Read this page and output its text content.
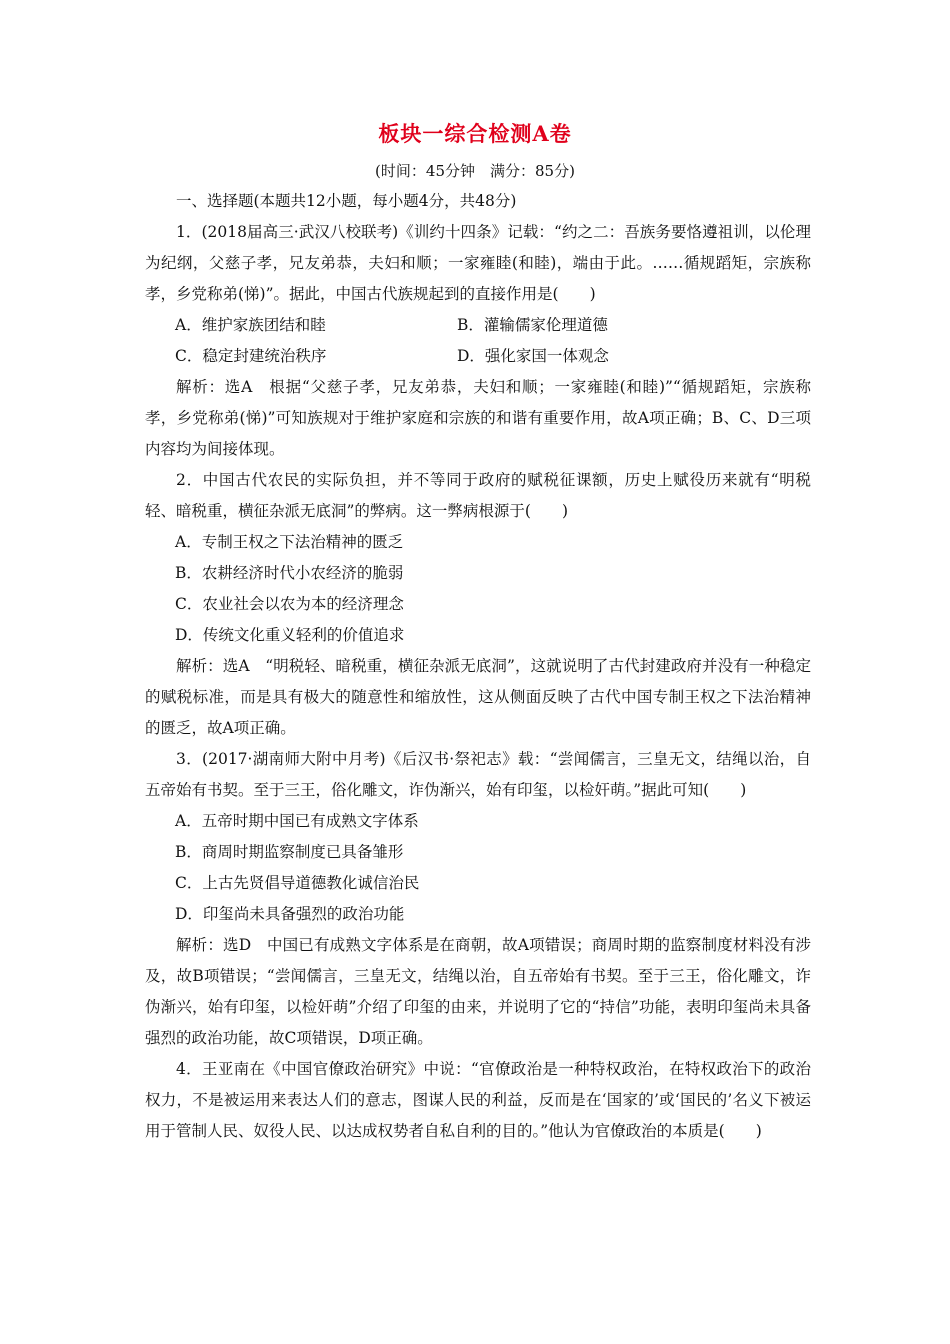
板块一综合检测A卷
(时间：45分钟　满分：85分)

一、选择题(本题共12小题，每小题4分，共48分)

1．(2018届高三·武汉八校联考)《训约十四条》记载：“约之二：吾族务要恪遵祖训，以伦理为纪纲，父慈子孝，兄友弟恭，夫妇和顺；一家雍睦(和睦)，端由于此。……循规蹈矩，宗族称孝，乡党称弟(悌)”。据此，中国古代族规起到的直接作用是(　　)

A．维护家族团结和睦	B．灌输儒家伦理道德
C．稳定封建统治秩序	D．强化家国一体观念

解析：选A　根据“父慈子孝，兄友弟恭，夫妇和顺；一家雍睦(和睦)”“循规蹈矩，宗族称孝，乡党称弟(悌)”可知族规对于维护家庭和宗族的和谐有重要作用，故A项正确；B、C、D三项内容均为间接体现。

2．中国古代农民的实际负担，并不等同于政府的赋税征课额，历史上赋役历来就有“明税轻、暗税重，横征杂派无底洞”的弊病。这一弊病根源于(　　)

A．专制王权之下法治精神的匮乏
B．农耕经济时代小农经济的脆弱
C．农业社会以农为本的经济理念
D．传统文化重义轻利的价值追求

解析：选A　“明税轻、暗税重，横征杂派无底洞”，这就说明了古代封建政府并没有一种稳定的赋税标准，而是具有极大的随意性和缩放性，这从侧面反映了古代中国专制王权之下法治精神的匮乏，故A项正确。

3．(2017·湖南师大附中月考)《后汉书·祭祀志》载：“尝闻儒言，三皇无文，结绳以治，自五帝始有书契。至于三王，俗化雕文，诈伪渐兴，始有印玺，以检奸萌。”据此可知(　　)

A．五帝时期中国已有成熟文字体系
B．商周时期监察制度已具备雏形
C．上古先贤倡导道德教化诚信治民
D．印玺尚未具备强烈的政治功能

解析：选D　中国已有成熟文字体系是在商朝，故A项错误；商周时期的监察制度材料没有涉及，故B项错误；“尝闻儒言，三皇无文，结绳以治，自五帝始有书契。至于三王，俗化雕文，诈伪渐兴，始有印玺，以检奸萌”介绍了印玺的由来，并说明了它的“持信”功能，表明印玺尚未具备强烈的政治功能，故C项错误，D项正确。

4．王亚南在《中国官僚政治研究》中说：“官僚政治是一种特权政治，在特权政治下的政治权力，不是被运用来表达人们的意志，图谋人民的利益，反而是在‘国家的’或‘国民的’名义下被运用于管制人民、奴役人民、以达成权势者自私自利的目的。”他认为官僚政治的本质是(　　)
